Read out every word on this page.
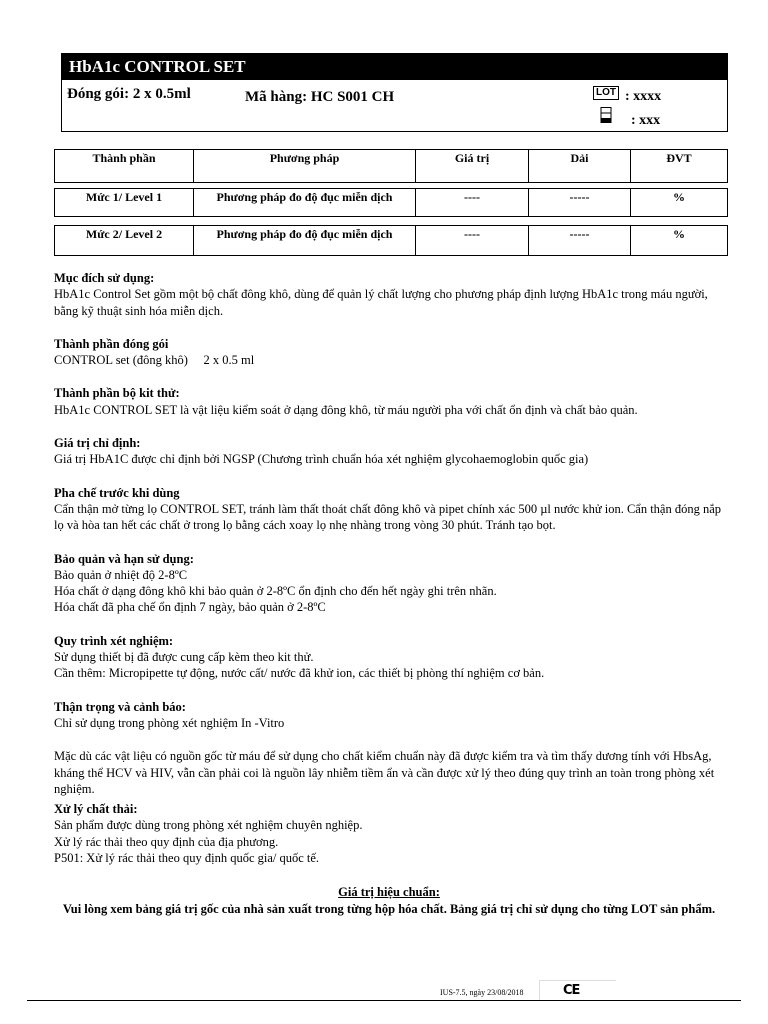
HbA1c CONTROL SET
Đóng gói: 2 x 0.5ml	Mã hàng: HC S001 CH	LOT : xxxx
: xxx
Thành phần	Phương pháp	Giá trị	Dải	ĐVT
Mức 1/ Level 1	Phương pháp đo độ đục miễn dịch	----	-----	%
Mức 2/ Level 2	Phương pháp đo độ đục miễn dịch	----	-----	%
Mục đích sử dụng:
HbA1c Control Set gồm một bộ chất đông khô, dùng để quản lý chất lượng cho phương pháp định lượng HbA1c trong máu người, bằng kỹ thuật sinh hóa miễn dịch.
Thành phần đóng gói
CONTROL set (đông khô)     2 x 0.5 ml
Thành phần bộ kit thử:
HbA1c CONTROL SET là vật liệu kiểm soát ở dạng đông khô, từ máu người pha với chất ổn định và chất bảo quản.
Giá trị chỉ định:
Giá trị HbA1C được chỉ định bởi NGSP (Chương trình chuẩn hóa xét nghiệm glycohaemoglobin quốc gia)
Pha chế trước khi dùng
Cẩn thận mở từng lọ CONTROL SET, tránh làm thất thoát chất đông khô và pipet chính xác 500 µl nước khử ion. Cẩn thận đóng nắp lọ và hòa tan hết các chất ở trong lọ bằng cách xoay lọ nhẹ nhàng trong vòng 30 phút. Tránh tạo bọt.
Bảo quản và hạn sử dụng:
Bảo quản ở nhiệt độ 2-8ºC
Hóa chất ở dạng đông khô khi bảo quản ở 2-8ºC ổn định cho đến hết ngày ghi trên nhãn.
Hóa chất đã pha chế ổn định 7 ngày, bảo quản ở 2-8ºC
Quy trình xét nghiệm:
Sử dụng thiết bị đã được cung cấp kèm theo kit thử.
Cần thêm: Micropipette tự động, nước cất/ nước đã khử ion, các thiết bị phòng thí nghiệm cơ bản.
Thận trọng và cảnh báo:
Chỉ sử dụng trong phòng xét nghiệm In -Vitro
Mặc dù các vật liệu có nguồn gốc từ máu để sử dụng cho chất kiểm chuẩn này đã được kiểm tra và tìm thấy dương tính với HbsAg, kháng thể HCV và HIV, vẫn cần phải coi là nguồn lây nhiễm tiềm ẩn và cần được xử lý theo đúng quy trình an toàn trong phòng xét nghiệm.
Xử lý chất thải:
Sản phẩm được dùng trong phòng xét nghiệm chuyên nghiệp.
Xử lý rác thải theo quy định của địa phương.
P501: Xử lý rác thải theo quy định quốc gia/ quốc tế.
Giá trị hiệu chuẩn:
Vui lòng xem bảng giá trị gốc của nhà sản xuất trong từng hộp hóa chất. Bảng giá trị chỉ sử dụng cho từng LOT sản phẩm.
IUS-7.5, ngày 23/08/2018	CE
